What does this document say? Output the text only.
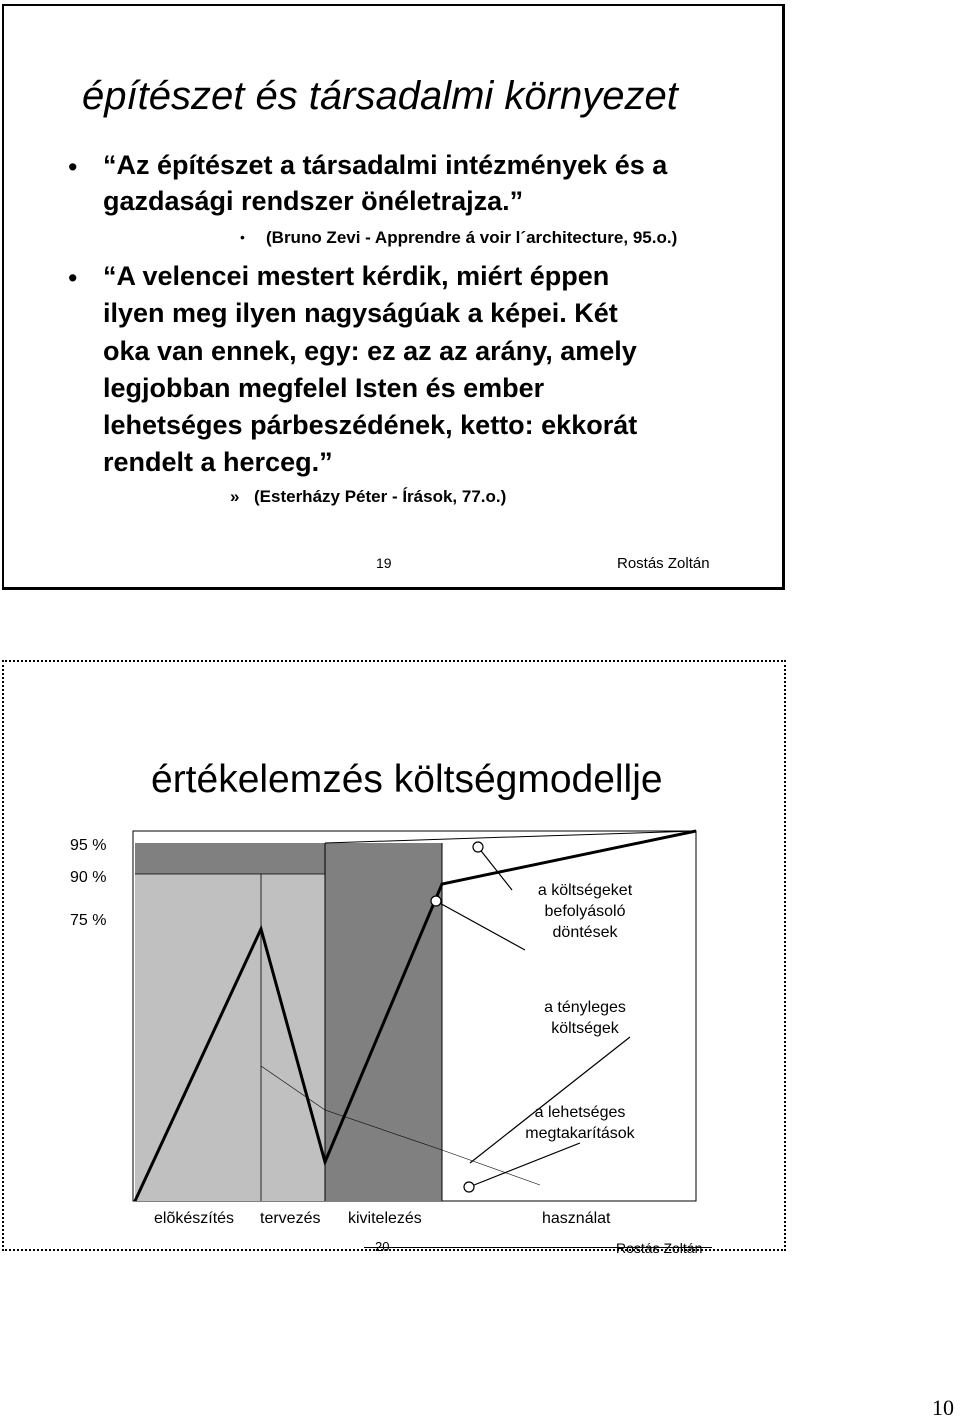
építészet és társadalmi környezet
• “Az építészet a társadalmi intézmények és a
gazdasági rendszer önéletrajza.”
• (Bruno Zevi - Apprendre á voir l´architecture, 95.o.)
• “A velencei mestert kérdik, miért éppen
ilyen meg ilyen nagyságúak a képei. Két
oka van ennek, egy: ez az az arány, amely
legjobban megfelel Isten és ember
lehetséges párbeszédének, ketto: ekkorát
rendelt a herceg.”
» (Esterházy Péter - Írások, 77.o.)
19	Rostás Zoltán
értékelemzés költségmodellje
95 %
90 %
75 %
a költségeket
befolyásoló
döntések
a tényleges
költségek
a lehetséges
megtakarítások
elõkészítés tervezés kivitelezés	használat
20	Rostás Zoltán
10
